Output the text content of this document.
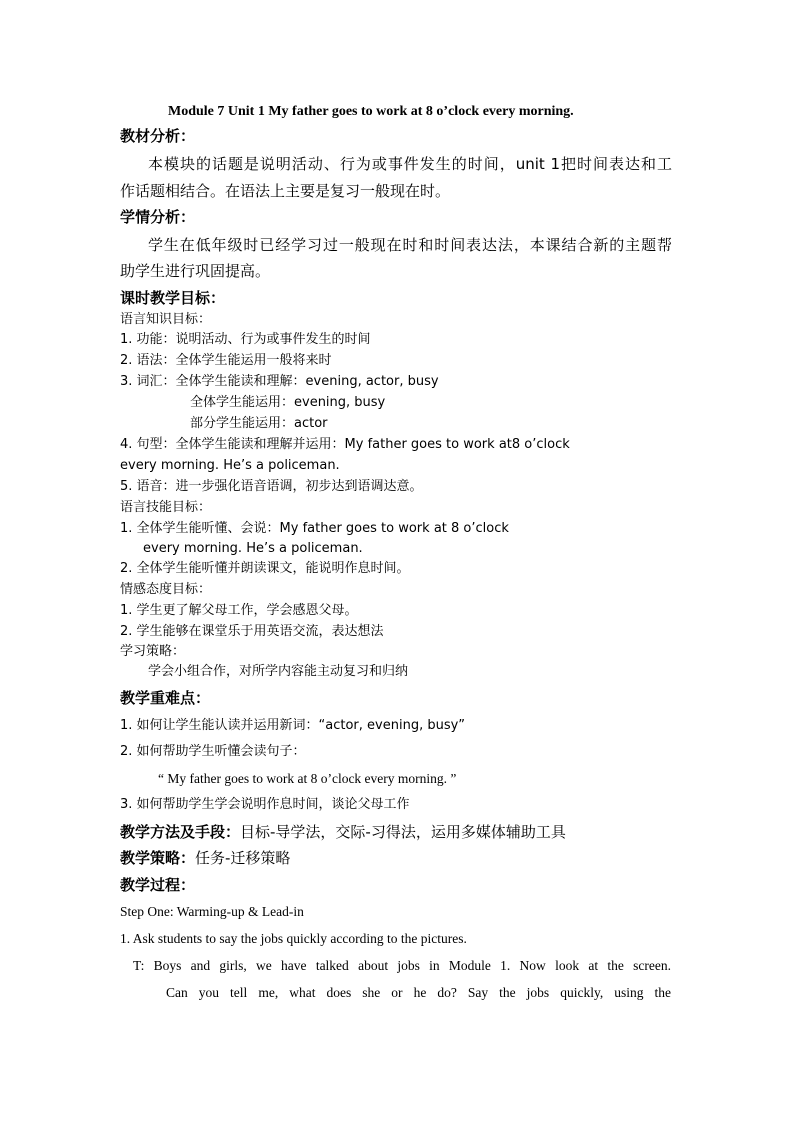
Module 7 Unit 1 My father goes to work at 8 o’clock every morning.
教材分析：
本模块的话题是说明活动、行为或事件发生的时间，unit 1把时间表达和工
作话题相结合。在语法上主要是复习一般现在时。
学情分析：
学生在低年级时已经学习过一般现在时和时间表达法，本课结合新的主题帮
助学生进行巩固提高。
课时教学目标：
语言知识目标：
1. 功能：说明活动、行为或事件发生的时间
2. 语法：全体学生能运用一般将来时
3. 词汇：全体学生能读和理解：evening, actor, busy
全体学生能运用：evening, busy
部分学生能运用：actor
4. 句型：全体学生能读和理解并运用：My father goes to work at8 o’clock
every morning. He’s a policeman.
5. 语音：进一步强化语音语调，初步达到语调达意。
语言技能目标：
1. 全体学生能听懂、会说：My father goes to work at 8 o’clock
every morning. He’s a policeman.
2. 全体学生能听懂并朗读课文，能说明作息时间。
情感态度目标：
1. 学生更了解父母工作，学会感恩父母。
2. 学生能够在课堂乐于用英语交流，表达想法
学习策略：
学会小组合作，对所学内容能主动复习和归纳
教学重难点：
1. 如何让学生能认读并运用新词：“actor, evening, busy”
2. 如何帮助学生听懂会读句子：
“ My father goes to work at 8 o’clock every morning. ”
3. 如何帮助学生学会说明作息时间，谈论父母工作
教学方法及手段：目标-导学法，交际-习得法，运用多媒体辅助工具
教学策略：任务-迁移策略
教学过程：
Step One: Warming-up & Lead-in
1. Ask students to say the jobs quickly according to the pictures.
T: Boys and girls, we have talked about jobs in Module 1. Now look at the screen.
Can you tell me, what does she or he do? Say the jobs quickly, using the
